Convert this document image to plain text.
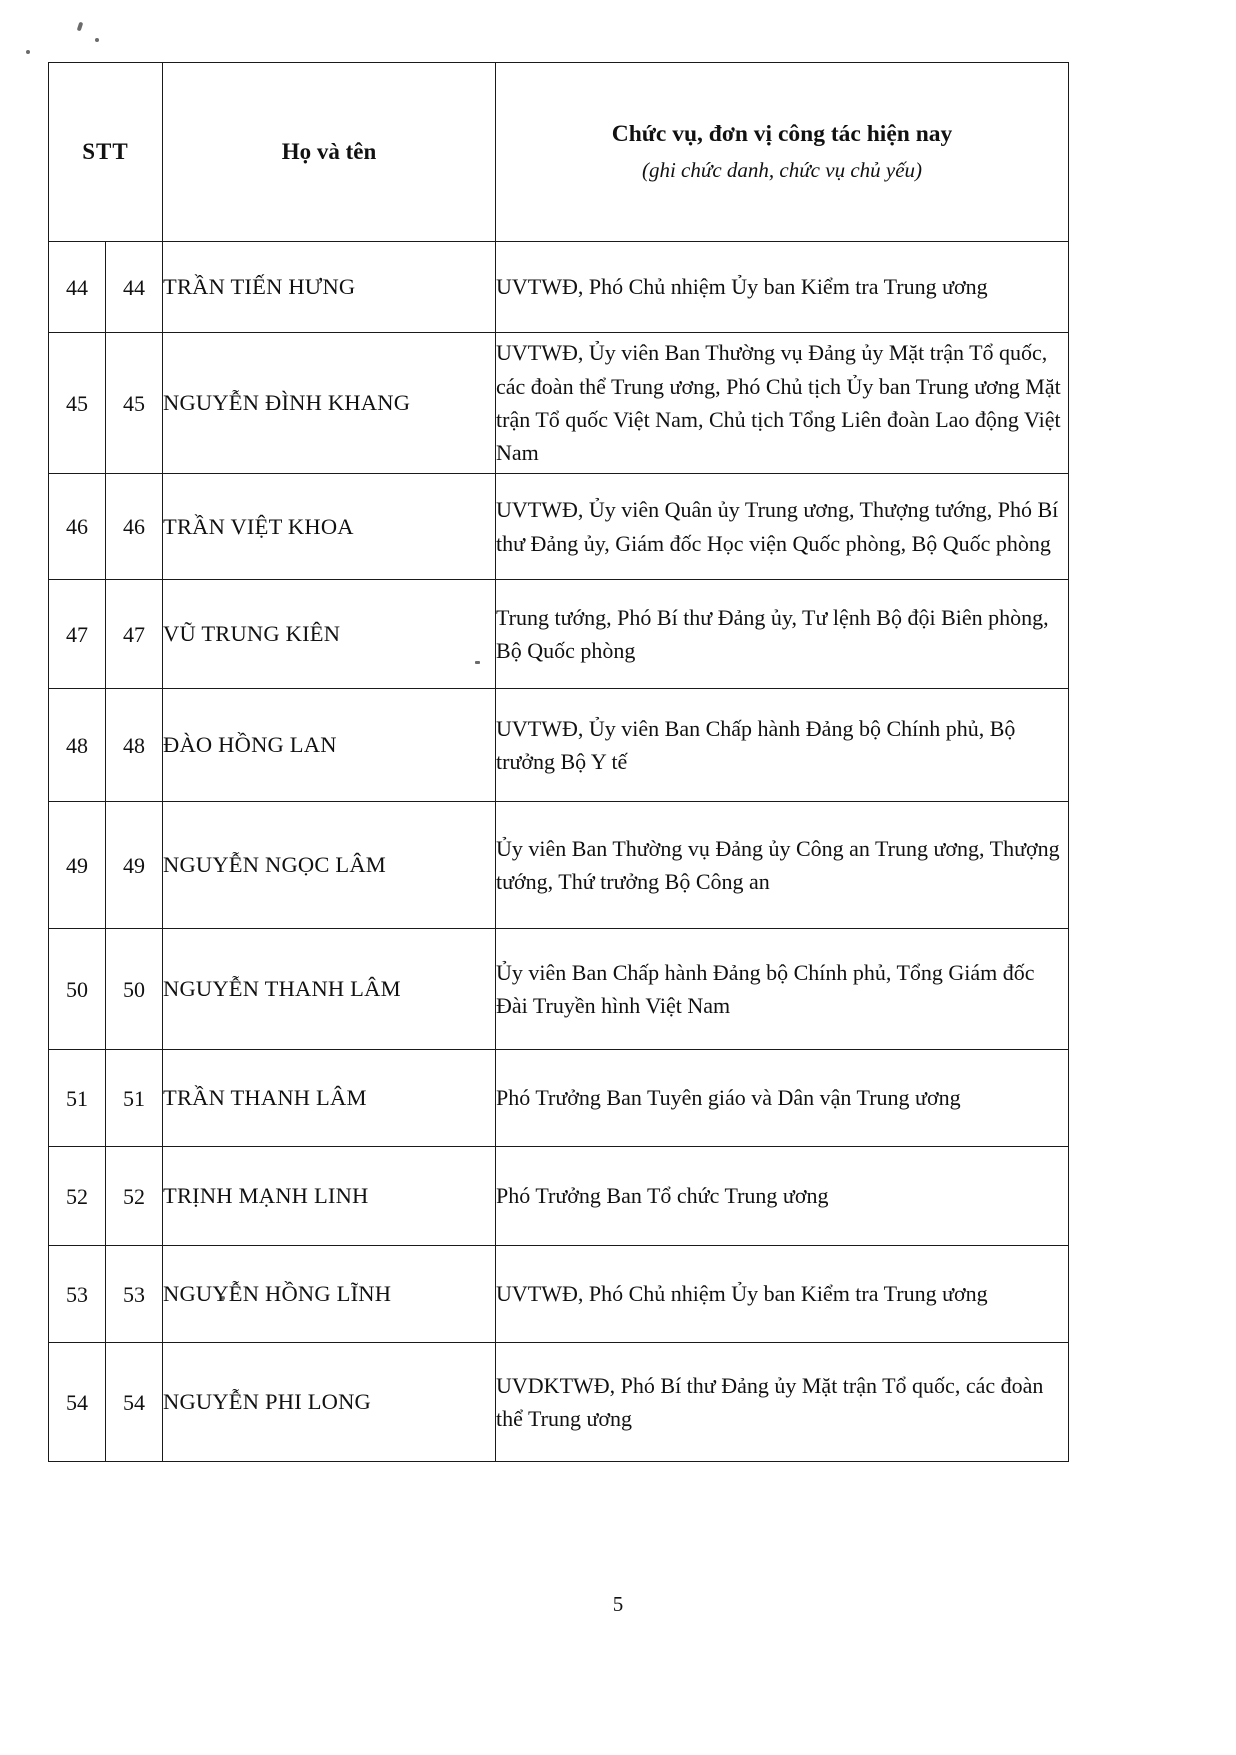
STT		Họ và tên	Chức vụ, đơn vị công tác hiện nay
(ghi chức danh, chức vụ chủ yếu)

44	44	TRẦN TIẾN HƯNG	UVTWĐ, Phó Chủ nhiệm Ủy ban Kiểm tra Trung ương
45	45	NGUYỄN ĐÌNH KHANG	UVTWĐ, Ủy viên Ban Thường vụ Đảng ủy Mặt trận Tổ quốc, các đoàn thể Trung ương, Phó Chủ tịch Ủy ban Trung ương Mặt trận Tổ quốc Việt Nam, Chủ tịch Tổng Liên đoàn Lao động Việt Nam
46	46	TRẦN VIỆT KHOA	UVTWĐ, Ủy viên Quân ủy Trung ương, Thượng tướng, Phó Bí thư Đảng ủy, Giám đốc Học viện Quốc phòng, Bộ Quốc phòng
47	47	VŨ TRUNG KIÊN	Trung tướng, Phó Bí thư Đảng ủy, Tư lệnh Bộ đội Biên phòng, Bộ Quốc phòng
48	48	ĐÀO HỒNG LAN	UVTWĐ, Ủy viên Ban Chấp hành Đảng bộ Chính phủ, Bộ trưởng Bộ Y tế
49	49	NGUYỄN NGỌC LÂM	Ủy viên Ban Thường vụ Đảng ủy Công an Trung ương, Thượng tướng, Thứ trưởng Bộ Công an
50	50	NGUYỄN THANH LÂM	Ủy viên Ban Chấp hành Đảng bộ Chính phủ, Tổng Giám đốc Đài Truyền hình Việt Nam
51	51	TRẦN THANH LÂM	Phó Trưởng Ban Tuyên giáo và Dân vận Trung ương
52	52	TRỊNH MẠNH LINH	Phó Trưởng Ban Tổ chức Trung ương
53	53	NGUYỄN HỒNG LĨNH	UVTWĐ, Phó Chủ nhiệm Ủy ban Kiểm tra Trung ương
54	54	NGUYỄN PHI LONG	UVDKTWĐ, Phó Bí thư Đảng ủy Mặt trận Tổ quốc, các đoàn thể Trung ương
5
